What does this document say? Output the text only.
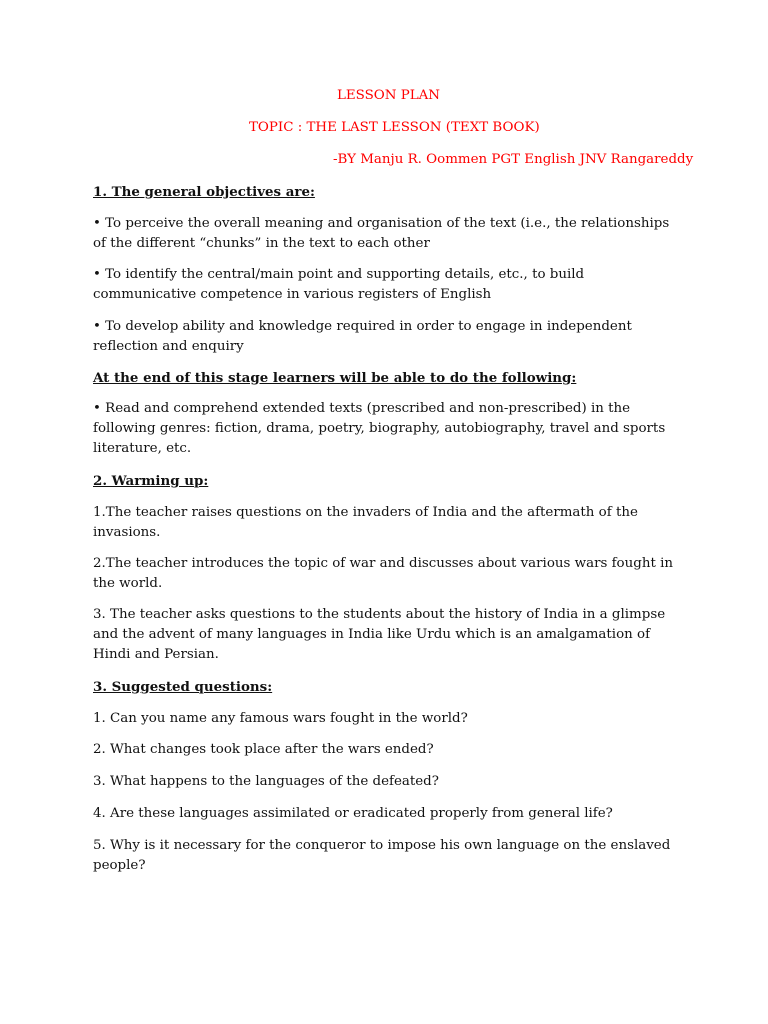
LESSON PLAN
TOPIC : THE LAST LESSON (TEXT BOOK)
-BY Manju R. Oommen PGT English JNV Rangareddy
1. The general objectives are:
• To perceive the overall meaning and organisation of the text (i.e., the relationships of the different “chunks” in the text to each other
• To identify the central/main point and supporting details, etc., to build communicative competence in various registers of English
• To develop ability and knowledge required in order to engage in independent reflection and enquiry
At the end of this stage learners will be able to do the following:
• Read and comprehend extended texts (prescribed and non-prescribed) in the following genres: fiction, drama, poetry, biography, autobiography, travel and sports literature, etc.
2. Warming up:
1.The teacher raises questions on the invaders of India and the aftermath of the invasions.
2.The teacher introduces the topic of war and discusses about various wars fought in the world.
3. The teacher asks questions to the students about the history of India in a glimpse and the advent of many languages in India like Urdu which is an amalgamation of Hindi and Persian.
3. Suggested questions:
1. Can you name any famous wars fought in the world?
2. What changes took place after the wars ended?
3. What happens to the languages of the defeated?
4. Are these languages assimilated or eradicated properly from general life?
5. Why is it necessary for the conqueror to impose his own language on the enslaved people?
